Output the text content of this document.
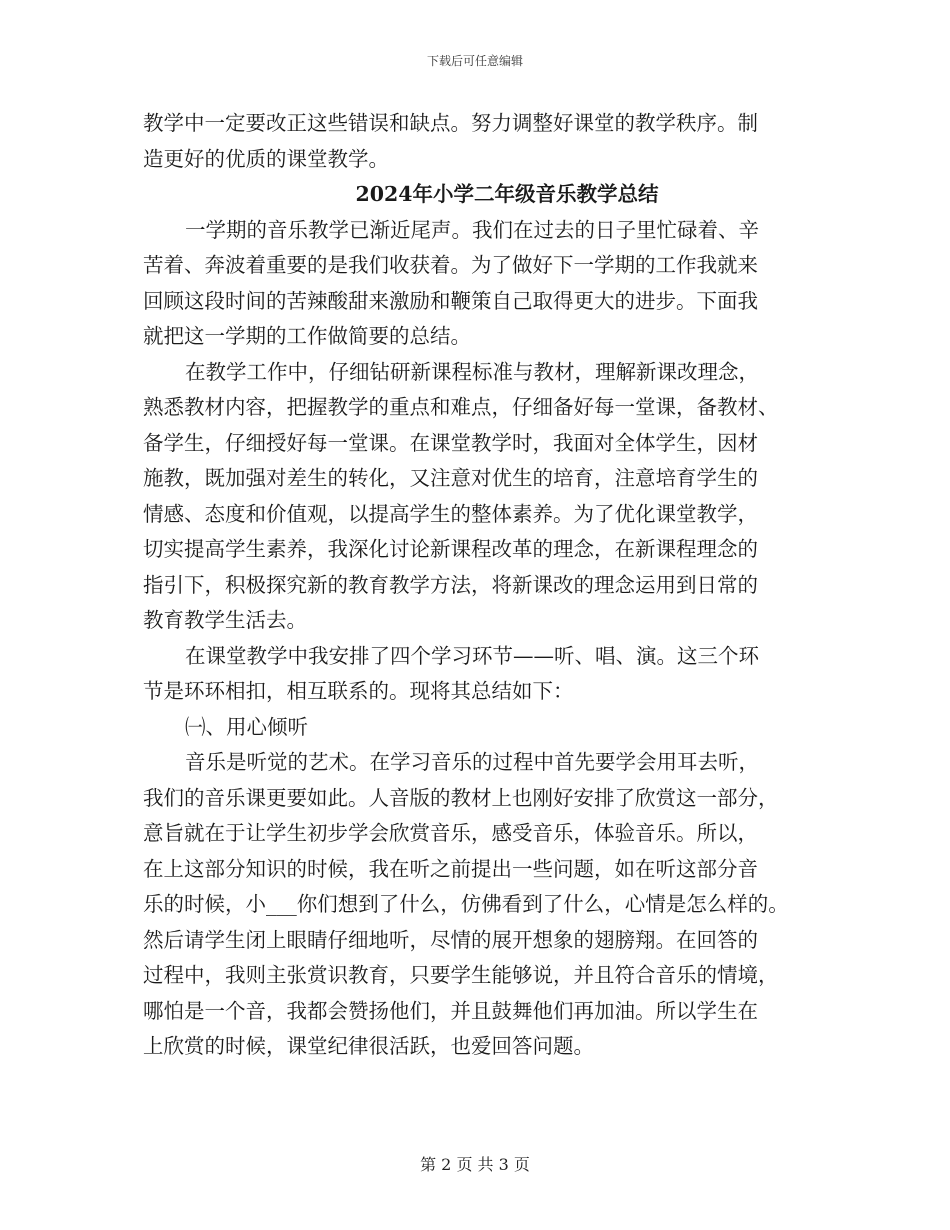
下载后可任意编辑
教学中一定要改正这些错误和缺点。努力调整好课堂的教学秩序。制
造更好的优质的课堂教学。
2024年小学二年级音乐教学总结
一学期的音乐教学已渐近尾声。我们在过去的日子里忙碌着、辛
苦着、奔波着重要的是我们收获着。为了做好下一学期的工作我就来
回顾这段时间的苦辣酸甜来激励和鞭策自己取得更大的进步。下面我
就把这一学期的工作做简要的总结。
在教学工作中，仔细钻研新课程标准与教材，理解新课改理念，
熟悉教材内容，把握教学的重点和难点，仔细备好每一堂课，备教材、
备学生，仔细授好每一堂课。在课堂教学时，我面对全体学生，因材
施教，既加强对差生的转化，又注意对优生的培育，注意培育学生的
情感、态度和价值观，以提高学生的整体素养。为了优化课堂教学，
切实提高学生素养，我深化讨论新课程改革的理念，在新课程理念的
指引下，积极探究新的教育教学方法，将新课改的理念运用到日常的
教育教学生活去。
在课堂教学中我安排了四个学习环节——听、唱、演。这三个环
节是环环相扣，相互联系的。现将其总结如下：
㈠、用心倾听
音乐是听觉的艺术。在学习音乐的过程中首先要学会用耳去听，
我们的音乐课更要如此。人音版的教材上也刚好安排了欣赏这一部分，
意旨就在于让学生初步学会欣赏音乐，感受音乐，体验音乐。所以，
在上这部分知识的时候，我在听之前提出一些问题，如在听这部分音
乐的时候，小___你们想到了什么，仿佛看到了什么，心情是怎么样的。
然后请学生闭上眼睛仔细地听，尽情的展开想象的翅膀翔。在回答的
过程中，我则主张赏识教育，只要学生能够说，并且符合音乐的情境，
哪怕是一个音，我都会赞扬他们，并且鼓舞他们再加油。所以学生在
上欣赏的时候，课堂纪律很活跃，也爱回答问题。
第 2 页 共 3 页
